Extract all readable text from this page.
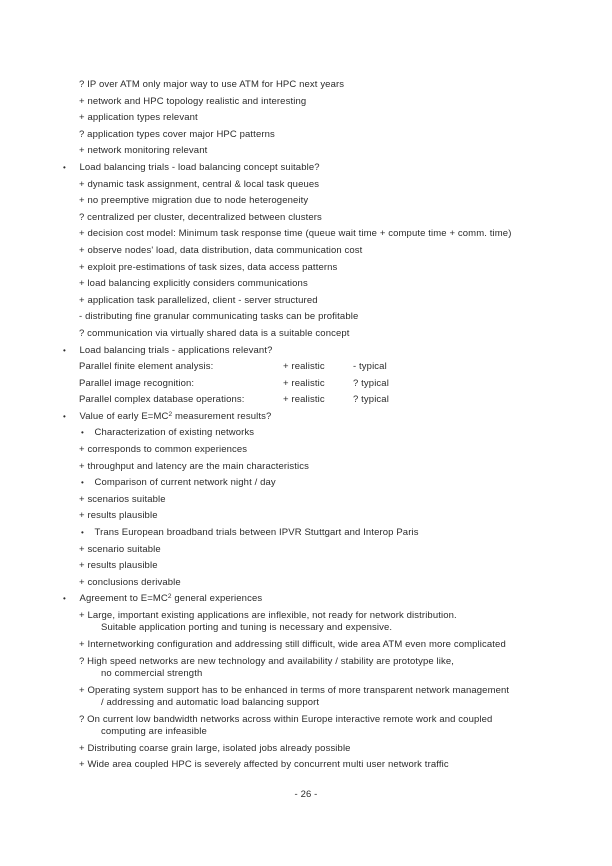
? IP over ATM only major way to use ATM for HPC next years
+ network and HPC topology realistic and interesting
+ application types relevant
? application types cover major HPC patterns
+ network monitoring relevant
• Load balancing trials - load balancing concept suitable?
+ dynamic task assignment, central & local task queues
+ no preemptive migration due to node heterogeneity
? centralized per cluster, decentralized between clusters
+ decision cost model: Minimum task response time (queue wait time + compute time + comm. time)
+ observe nodes' load, data distribution, data communication cost
+ exploit pre-estimations of task sizes, data access patterns
+ load balancing explicitly considers communications
+ application task parallelized, client - server structured
- distributing fine granular communicating tasks can be profitable
? communication via virtually shared data is a suitable concept
• Load balancing trials - applications relevant?
Parallel finite element analysis:	+ realistic	- typical
Parallel image recognition:	+ realistic	? typical
Parallel complex database operations:	+ realistic	? typical
• Value of early $E=MC^2$ measurement results?
• Characterization of existing networks
+ corresponds to common experiences
+ throughput and latency are the main characteristics
• Comparison of current network night / day
+ scenarios suitable
+ results plausible
• Trans European broadband trials between IPVR Stuttgart and Interop Paris
+ scenario suitable
+ results plausible
+ conclusions derivable
• Agreement to $E=MC^2$ general experiences
+ Large, important existing applications are inflexible, not ready for network distribution.
Suitable application porting and tuning is necessary and expensive.
+ Internetworking configuration and addressing still difficult, wide area ATM even more complicated
? High speed networks are new technology and availability / stability are prototype like,
no commercial strength
+ Operating system support has to be enhanced in terms of more transparent network management
/ addressing and automatic load balancing support
? On current low bandwidth networks across within Europe interactive remote work and coupled
computing are infeasible
+ Distributing coarse grain large, isolated jobs already possible
+ Wide area coupled HPC is severely affected by concurrent multi user network traffic
- 26 -
